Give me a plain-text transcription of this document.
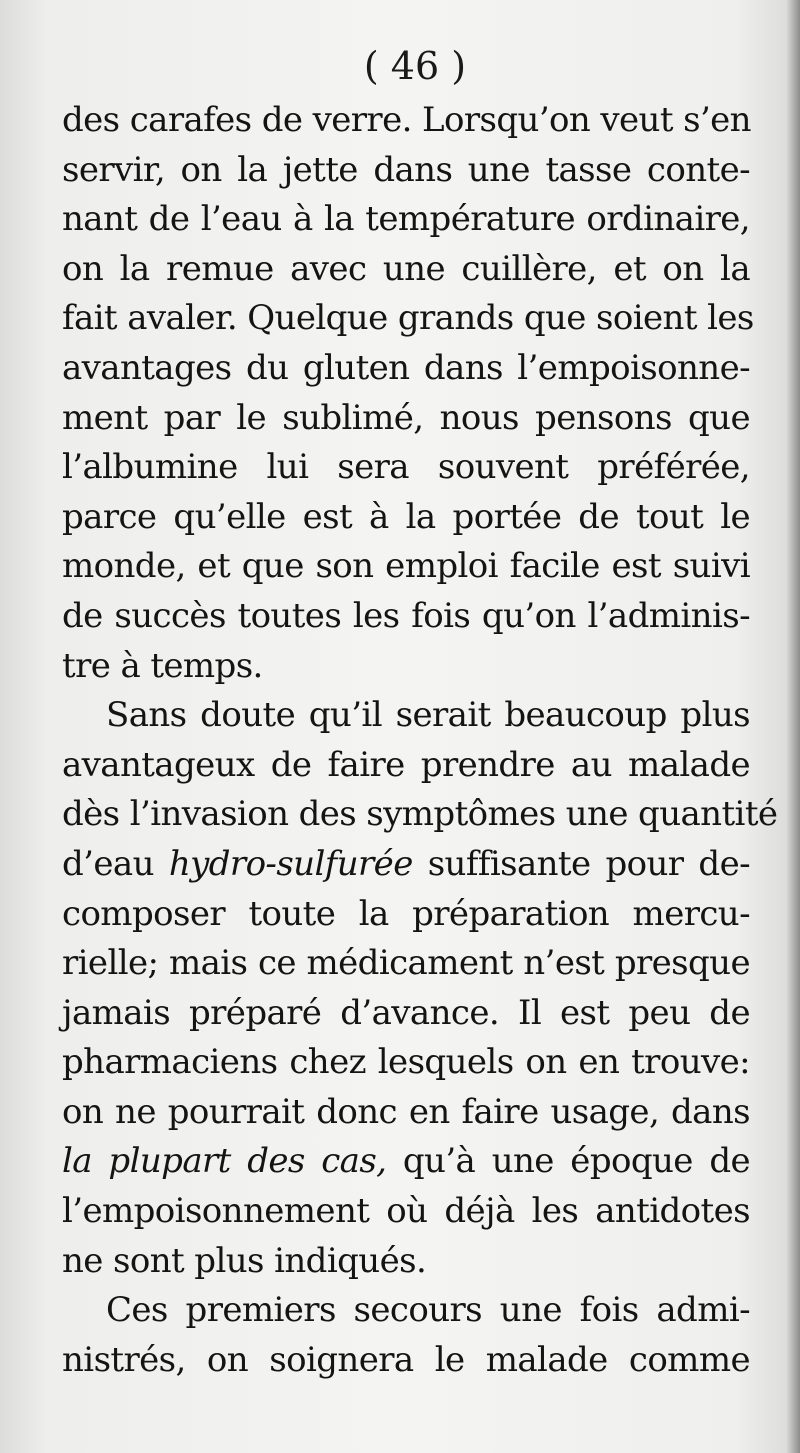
( 46 )
des carafes de verre. Lorsqu’on veut s’en
servir, on la jette dans une tasse conte-
nant de l’eau à la température ordinaire,
on la remue avec une cuillère, et on la
fait avaler. Quelque grands que soient les
avantages du gluten dans l’empoisonne-
ment par le sublimé, nous pensons que
l’albumine lui sera souvent préférée,
parce qu’elle est à la portée de tout le
monde, et que son emploi facile est suivi
de succès toutes les fois qu’on l’adminis-
tre à temps.
Sans doute qu’il serait beaucoup plus
avantageux de faire prendre au malade
dès l’invasion des symptômes une quantité
d’eau hydro-sulfurée suffisante pour de-
composer toute la préparation mercu-
rielle; mais ce médicament n’est presque
jamais préparé d’avance. Il est peu de
pharmaciens chez lesquels on en trouve:
on ne pourrait donc en faire usage, dans
la plupart des cas, qu’à une époque de
l’empoisonnement où déjà les antidotes
ne sont plus indiqués.
Ces premiers secours une fois admi-
nistrés, on soignera le malade comme
